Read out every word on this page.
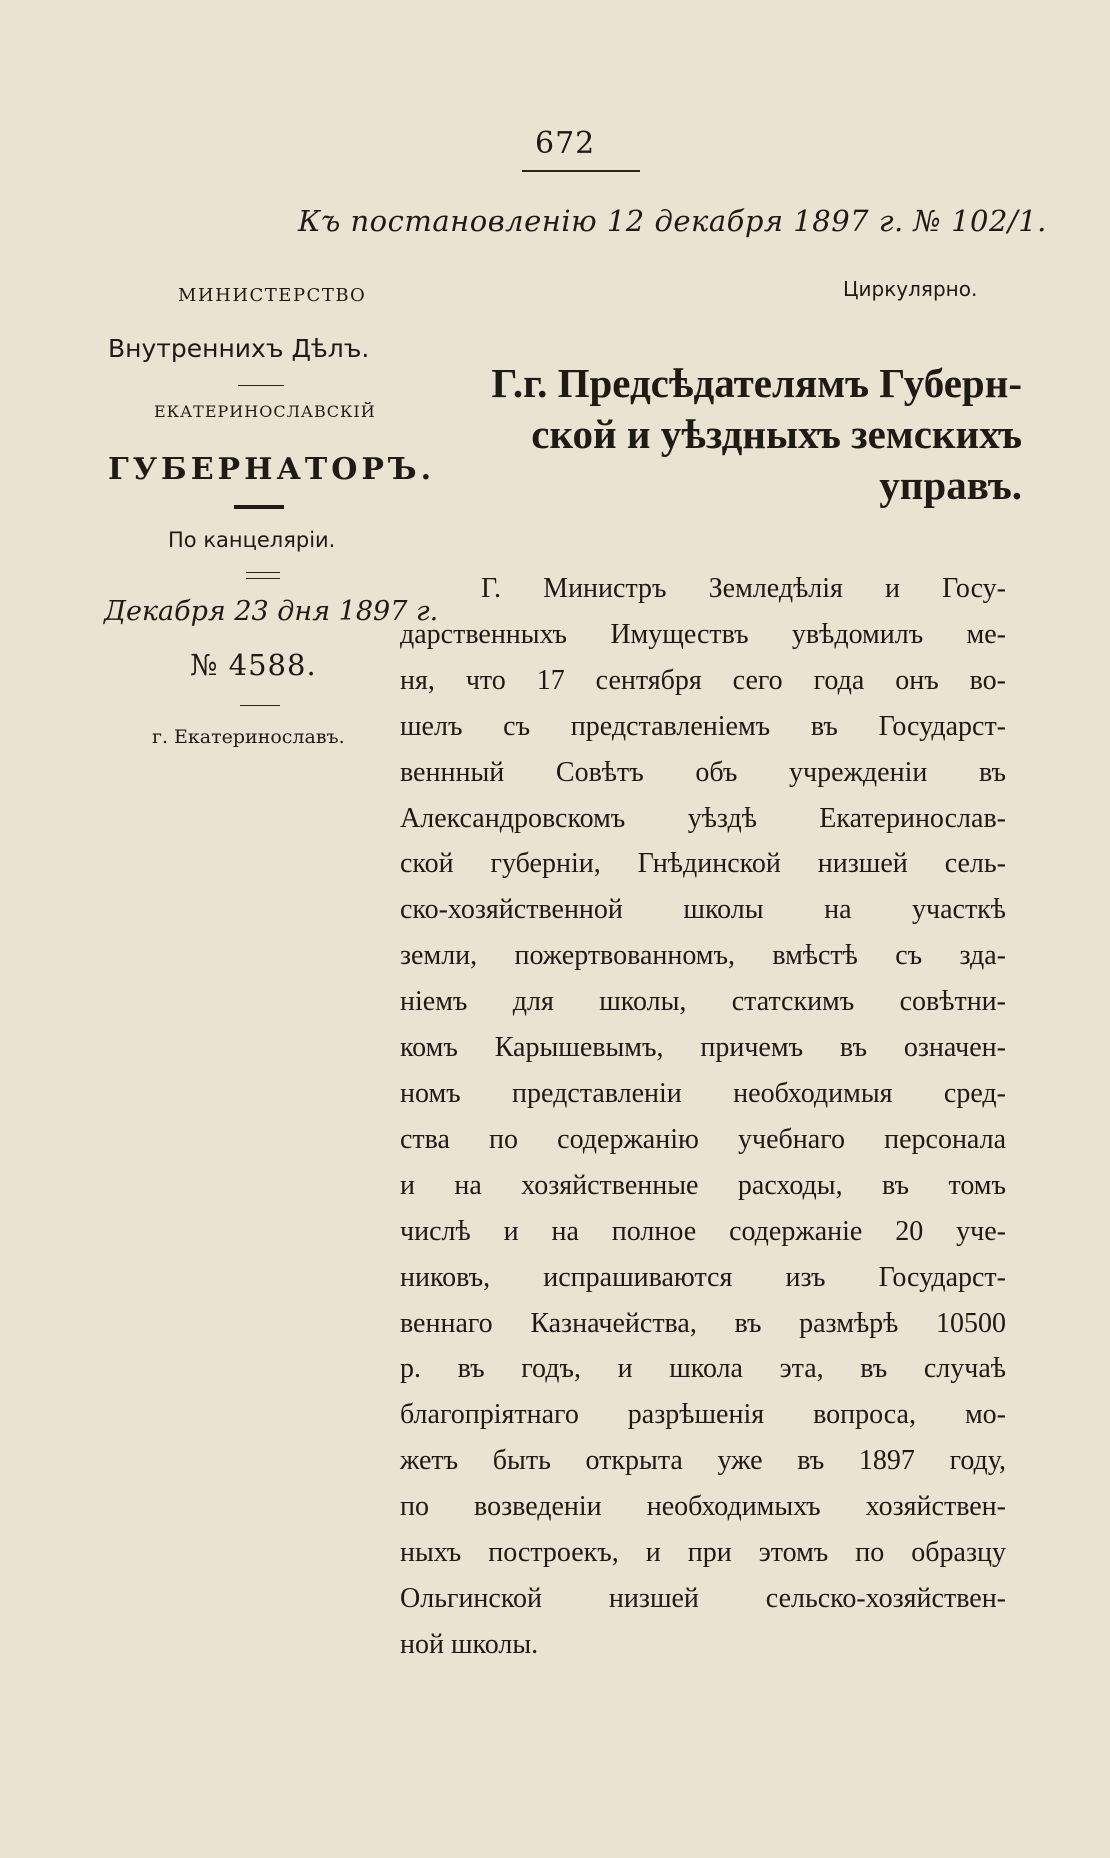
672
Къ постановленію 12 декабря 1897 г. № 102/1.
МИНИСТЕРСТВО
Внутреннихъ Дѣлъ.
ЕКАТЕРИНОСЛАВСКІЙ
ГУБЕРНАТОРЪ.
По канцеляріи.
Декабря 23 дня 1897 г.
№ 4588.
г. Екатеринославъ.
Циркулярно.
Г.г. Предсѣдателямъ Губерн-
ской и уѣздныхъ земскихъ управъ.
Г. Министръ Земледѣлія и Госу-
дарственныхъ Имуществъ увѣдомилъ ме-
ня, что 17 сентября сего года онъ во-
шелъ съ представленіемъ въ Государст-
веннный Совѣтъ объ учрежденіи въ
Александровскомъ уѣздѣ Екатеринослав-
ской губерніи, Гнѣдинской низшей сель-
ско-хозяйственной школы на участкѣ
земли, пожертвованномъ, вмѣстѣ съ зда-
ніемъ для школы, статскимъ совѣтни-
комъ Карышевымъ, причемъ въ означен-
номъ представленіи необходимыя сред-
ства по содержанію учебнаго персонала
и на хозяйственные расходы, въ томъ
числѣ и на полное содержаніе 20 уче-
никовъ, испрашиваются изъ Государст-
веннаго Казначейства, въ размѣрѣ 10500
р. въ годъ, и школа эта, въ случаѣ
благопріятнаго разрѣшенія вопроса, мо-
жетъ быть открыта уже въ 1897 году,
по возведеніи необходимыхъ хозяйствен-
ныхъ построекъ, и при этомъ по образцу
Ольгинской низшей сельско-хозяйствен-
ной школы.
